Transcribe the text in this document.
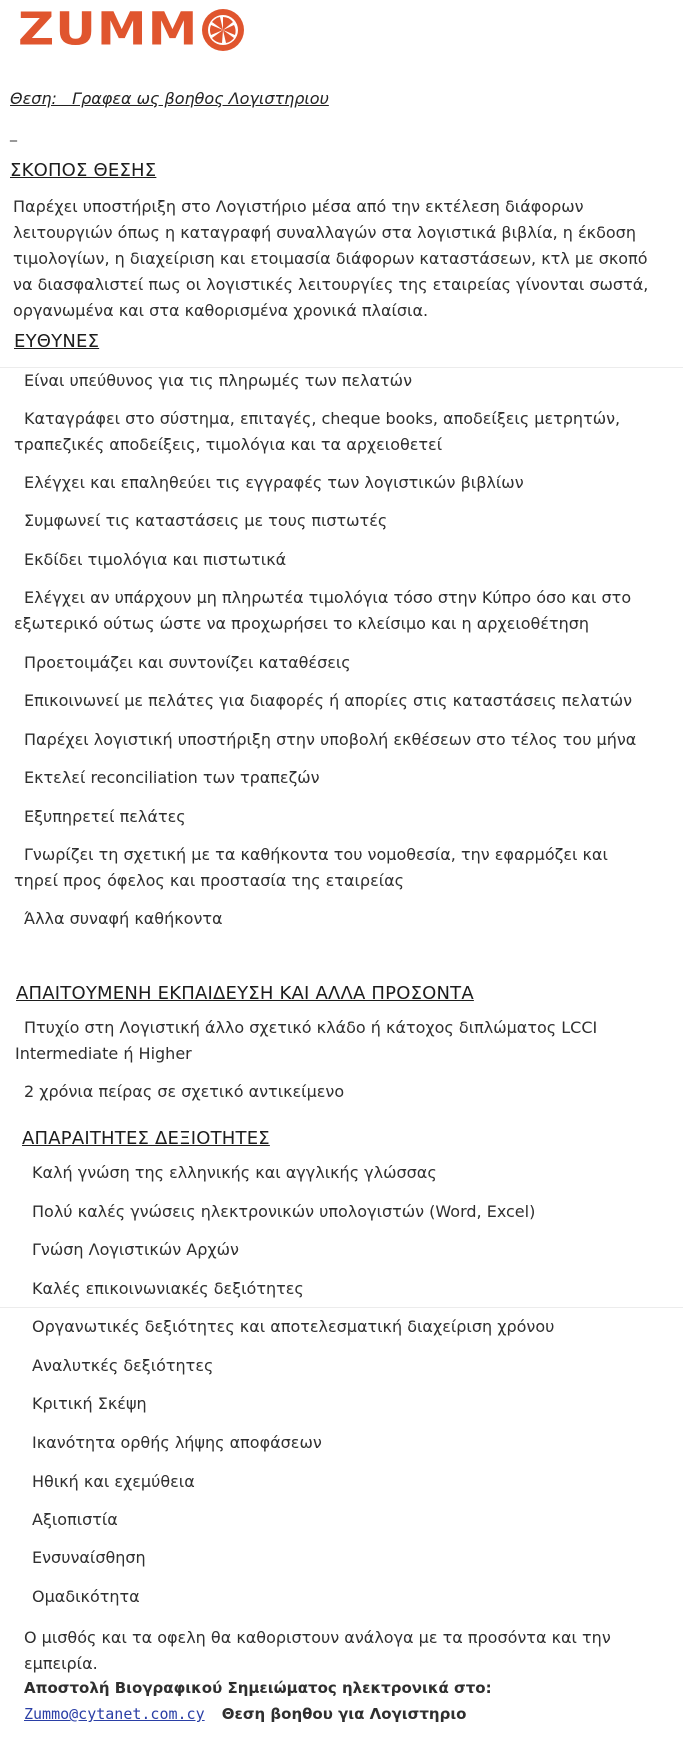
ZUMM
Θεση:   Γραφεα ως βοηθος Λογιστηριου
_
ΣΚΟΠΟΣ ΘΕΣΗΣ
Παρέχει υποστήριξη στο Λογιστήριο μέσα από την εκτέλεση διάφορων
λειτουργιών όπως η καταγραφή συναλλαγών στα λογιστικά βιβλία, η έκδοση
τιμολογίων, η διαχείριση και ετοιμασία διάφορων καταστάσεων, κτλ με σκοπό
να διασφαλιστεί πως οι λογιστικές λειτουργίες της εταιρείας γίνονται σωστά,
οργανωμένα και στα καθορισμένα χρονικά πλαίσια.
ΕΥΘΥΝΕΣ
Είναι υπεύθυνος για τις πληρωμές των πελατών
Καταγράφει στο σύστημα, επιταγές, cheque books, αποδείξεις μετρητών,
τραπεζικές αποδείξεις, τιμολόγια και τα αρχειοθετεί
Ελέγχει και επαληθεύει τις εγγραφές των λογιστικών βιβλίων
Συμφωνεί τις καταστάσεις με τους πιστωτές
Εκδίδει τιμολόγια και πιστωτικά
Ελέγχει αν υπάρχουν μη πληρωτέα τιμολόγια τόσο στην Κύπρο όσο και στο
εξωτερικό ούτως ώστε να προχωρήσει το κλείσιμο και η αρχειοθέτηση
Προετοιμάζει και συντονίζει καταθέσεις
Επικοινωνεί με πελάτες για διαφορές ή απορίες στις καταστάσεις πελατών
Παρέχει λογιστική υποστήριξη στην υποβολή εκθέσεων στο τέλος του μήνα
Εκτελεί reconciliation των τραπεζών
Εξυπηρετεί πελάτες
Γνωρίζει τη σχετική με τα καθήκοντα του νομοθεσία, την εφαρμόζει και
τηρεί προς όφελος και προστασία της εταιρείας
Άλλα συναφή καθήκοντα
ΑΠΑΙΤΟΥΜΕΝΗ ΕΚΠΑΙΔΕΥΣΗ ΚΑΙ ΑΛΛΑ ΠΡΟΣΟΝΤΑ
Πτυχίο στη Λογιστική άλλο σχετικό κλάδο ή κάτοχος διπλώματος LCCI
Intermediate ή Higher
2 χρόνια πείρας σε σχετικό αντικείμενο
ΑΠΑΡΑΙΤΗΤΕΣ ΔΕΞΙΟΤΗΤΕΣ
Καλή γνώση της ελληνικής και αγγλικής γλώσσας
Πολύ καλές γνώσεις ηλεκτρονικών υπολογιστών (Word, Excel)
Γνώση Λογιστικών Αρχών
Καλές επικοινωνιακές δεξιότητες
Οργανωτικές δεξιότητες και αποτελεσματική διαχείριση χρόνου
Αναλυτκές δεξιότητες
Κριτική Σκέψη
Ικανότητα ορθής λήψης αποφάσεων
Ηθική και εχεμύθεια
Αξιοπιστία
Ενσυναίσθηση
Ομαδικότητα
Ο μισθός και τα οφελη θα καθοριστουν ανάλογα με τα προσόντα και την
εμπειρία.
Αποστολή Βιογραφικού Σημειώματος ηλεκτρονικά στο:
Zummo@cytanet.com.cy Θεση βοηθου για Λογιστηριο
